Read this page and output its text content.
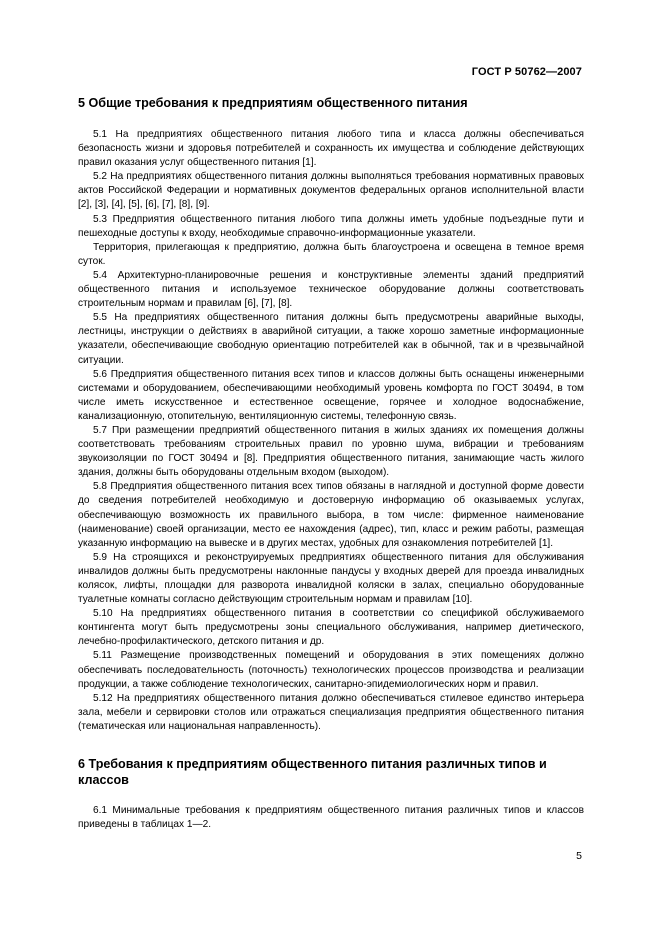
ГОСТ Р 50762—2007
5 Общие требования к предприятиям общественного питания

5.1 На предприятиях общественного питания любого типа и класса должны обеспечиваться безопасность жизни и здоровья потребителей и сохранность их имущества и соблюдение действующих правил оказания услуг общественного питания [1].

5.2 На предприятиях общественного питания должны выполняться требования нормативных правовых актов Российской Федерации и нормативных документов федеральных органов исполнительной власти [2], [3], [4], [5], [6], [7], [8], [9].

5.3 Предприятия общественного питания любого типа должны иметь удобные подъездные пути и пешеходные доступы к входу, необходимые справочно-информационные указатели.

Территория, прилегающая к предприятию, должна быть благоустроена и освещена в темное время суток.

5.4 Архитектурно-планировочные решения и конструктивные элементы зданий предприятий общественного питания и используемое техническое оборудование должны соответствовать строительным нормам и правилам [6], [7], [8].

5.5 На предприятиях общественного питания должны быть предусмотрены аварийные выходы, лестницы, инструкции о действиях в аварийной ситуации, а также хорошо заметные информационные указатели, обеспечивающие свободную ориентацию потребителей как в обычной, так и в чрезвычайной ситуации.

5.6 Предприятия общественного питания всех типов и классов должны быть оснащены инженерными системами и оборудованием, обеспечивающими необходимый уровень комфорта по ГОСТ 30494, в том числе иметь искусственное и естественное освещение, горячее и холодное водоснабжение, канализационную, отопительную, вентиляционную системы, телефонную связь.

5.7 При размещении предприятий общественного питания в жилых зданиях их помещения должны соответствовать требованиям строительных правил по уровню шума, вибрации и требованиям звукоизоляции по ГОСТ 30494 и [8]. Предприятия общественного питания, занимающие часть жилого здания, должны быть оборудованы отдельным входом (выходом).

5.8 Предприятия общественного питания всех типов обязаны в наглядной и доступной форме довести до сведения потребителей необходимую и достоверную информацию об оказываемых услугах, обеспечивающую возможность их правильного выбора, в том числе: фирменное наименование (наименование) своей организации, место ее нахождения (адрес), тип, класс и режим работы, размещая указанную информацию на вывеске и в других местах, удобных для ознакомления потребителей [1].

5.9 На строящихся и реконструируемых предприятиях общественного питания для обслуживания инвалидов должны быть предусмотрены наклонные пандусы у входных дверей для проезда инвалидных колясок, лифты, площадки для разворота инвалидной коляски в залах, специально оборудованные туалетные комнаты согласно действующим строительным нормам и правилам [10].

5.10 На предприятиях общественного питания в соответствии со спецификой обслуживаемого контингента могут быть предусмотрены зоны специального обслуживания, например диетического, лечебно-профилактического, детского питания и др.

5.11 Размещение производственных помещений и оборудования в этих помещениях должно обеспечивать последовательность (поточность) технологических процессов производства и реализации продукции, а также соблюдение технологических, санитарно-эпидемиологических норм и правил.

5.12 На предприятиях общественного питания должно обеспечиваться стилевое единство интерьера зала, мебели и сервировки столов или отражаться специализация предприятия общественного питания (тематическая или национальная направленность).

6 Требования к предприятиям общественного питания различных типов и классов

6.1 Минимальные требования к предприятиям общественного питания различных типов и классов приведены в таблицах 1—2.

5
